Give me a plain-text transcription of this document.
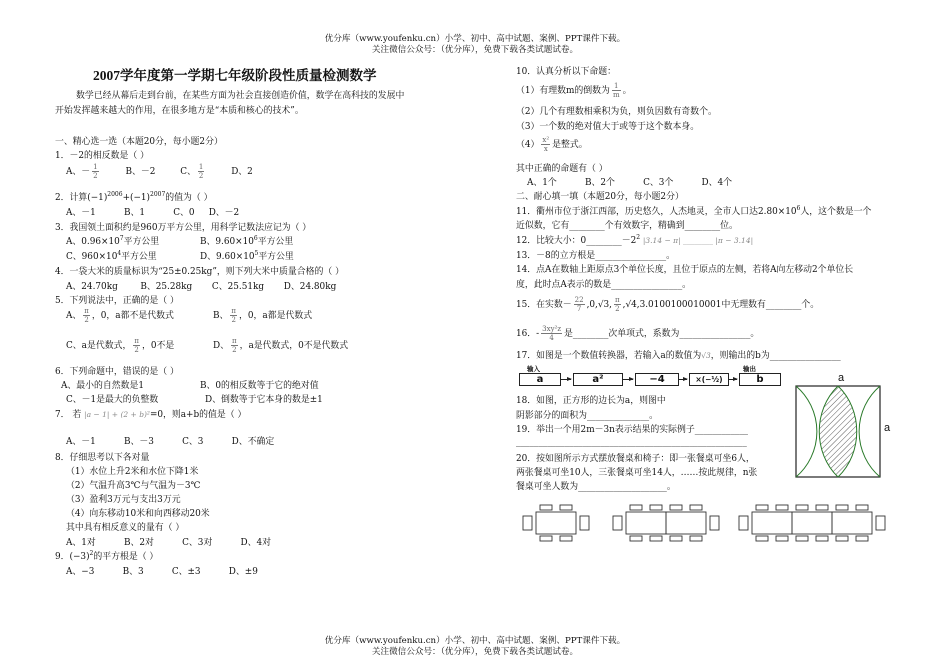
优分库（www.youfenku.cn）小学、初中、高中试题、案例、PPT课件下载。
关注微信公众号：（优分库），免费下载各类试题试卷。
优分库（www.youfenku.cn）小学、初中、高中试题、案例、PPT课件下载。
关注微信公众号：（优分库），免费下载各类试题试卷。
2007学年度第一学期七年级阶段性质量检测数学
数学已经从幕后走到台前，在某些方面为社会直接创造价值，数学在高科技的发展中
开始发挥越来越大的作用，在很多地方是“本质和核心的技术”。
一、精心选一选（本题20分，每小题2分）
1．－2的相反数是（ ）
A、－ $\frac{1}{2}$	B、－2	C、 $\frac{1}{2}$	D、2
2．计算$(-1)^{2006}+(-1)^{2007}$的值为（ ）
A、－1          B、1          C、0     D、－2
3．我国领土面积约是960万平方公里，用科学记数法应记为（ ）
A、$0.96\times 10^7$平方公里	B、$9.60\times 10^6$平方公里
C、$960\times 10^4$平方公里	D、$9.60\times 10^5$平方公里
4．一袋大米的质量标识为“25±0.25kg”，则下列大米中质量合格的（ ）
A、24.70kg        B、25.28kg       C、25.51kg       D、24.80kg
5．下列说法中，正确的是（ ）
A、 $\frac{\pi}{2}$ ，0，a都不是代数式	B、 $\frac{\pi}{2}$ ，0，a都是代数式
C、a是代数式， $\frac{\pi}{2}$ ，0不是	D、 $\frac{\pi}{2}$ ，a是代数式，0不是代数式
6．下列命题中，错误的是（ ）
A、最小的自然数是1	B、0的相反数等于它的绝对值
C、－1是最大的负整数	D、倒数等于它本身的数是±1
7． 若 |a − 1| + (2 + b)²=0，则a+b的值是（ ）
A、－1          B、－3          C、3          D、不确定
8．仔细思考以下各对量
（1）水位上升2米和水位下降1米
（2）气温升高3℃与气温为－3℃
（3）盈利3万元与支出3万元
（4）向东移动10米和向西移动20米
其中具有相反意义的量有（ ）
A、1对          B、2对          C、3对          D、4对
9．$(-3)^2$的平方根是（ ）
A、−3          B、3          C、±3          D、±9
10．认真分析以下命题：
（1）有理数m的倒数为 $\frac{1}{m}$ 。
（2）几个有理数相乘积为负，则负因数有奇数个。
（3）一个数的绝对值大于或等于这个数本身。
$(4) \frac{\text{x²}}{x}$ 是整式。
其中正确的命题有（ ）
A、1个          B、2个          C、3个          D、4个
二、耐心填一填（本题20分，每小题2分）
11．衢州市位于浙江西部，历史悠久，人杰地灵，全市人口达$2.80\times 10^6$人，这个数是一个
近似数，它有________个有效数字，精确到________位。
12．比较大小：$0\_\_\_\_\_\_\_\_-2^2$ |3.14 − π| ________ |π − 3.14|
13．－8的立方根是________________。
14．点A在数轴上距原点3个单位长度，且位于原点的左侧，若将A向左移动2个单位长
度，此时点A表示的数是________________。
15．在实数－ $\frac{22}{7} ,0,√3$, $\frac{\pi}{2} ,√4,3.0100100010001$中无理数有________个。
16．- $\frac{\text{3xy²z}}{4}$ 是________次单项式，系数为________________。
17．如图是一个数值转换器，若输入a的数值为√3，则输出的b为________________
输入	输出
a	a²	−4	×(−½)	b
18．如图，正方形的边长为a，则图中
阴影部分的面积为______________。
19．举出一个用2m－3n表示结果的实际例子____________
____________________________________________________
20．按如图所示方式摆放餐桌和椅子：即一张餐桌可坐6人，
两张餐桌可坐10人，三张餐桌可坐14人，……按此规律，n张
餐桌可坐人数为____________________。
a
a
